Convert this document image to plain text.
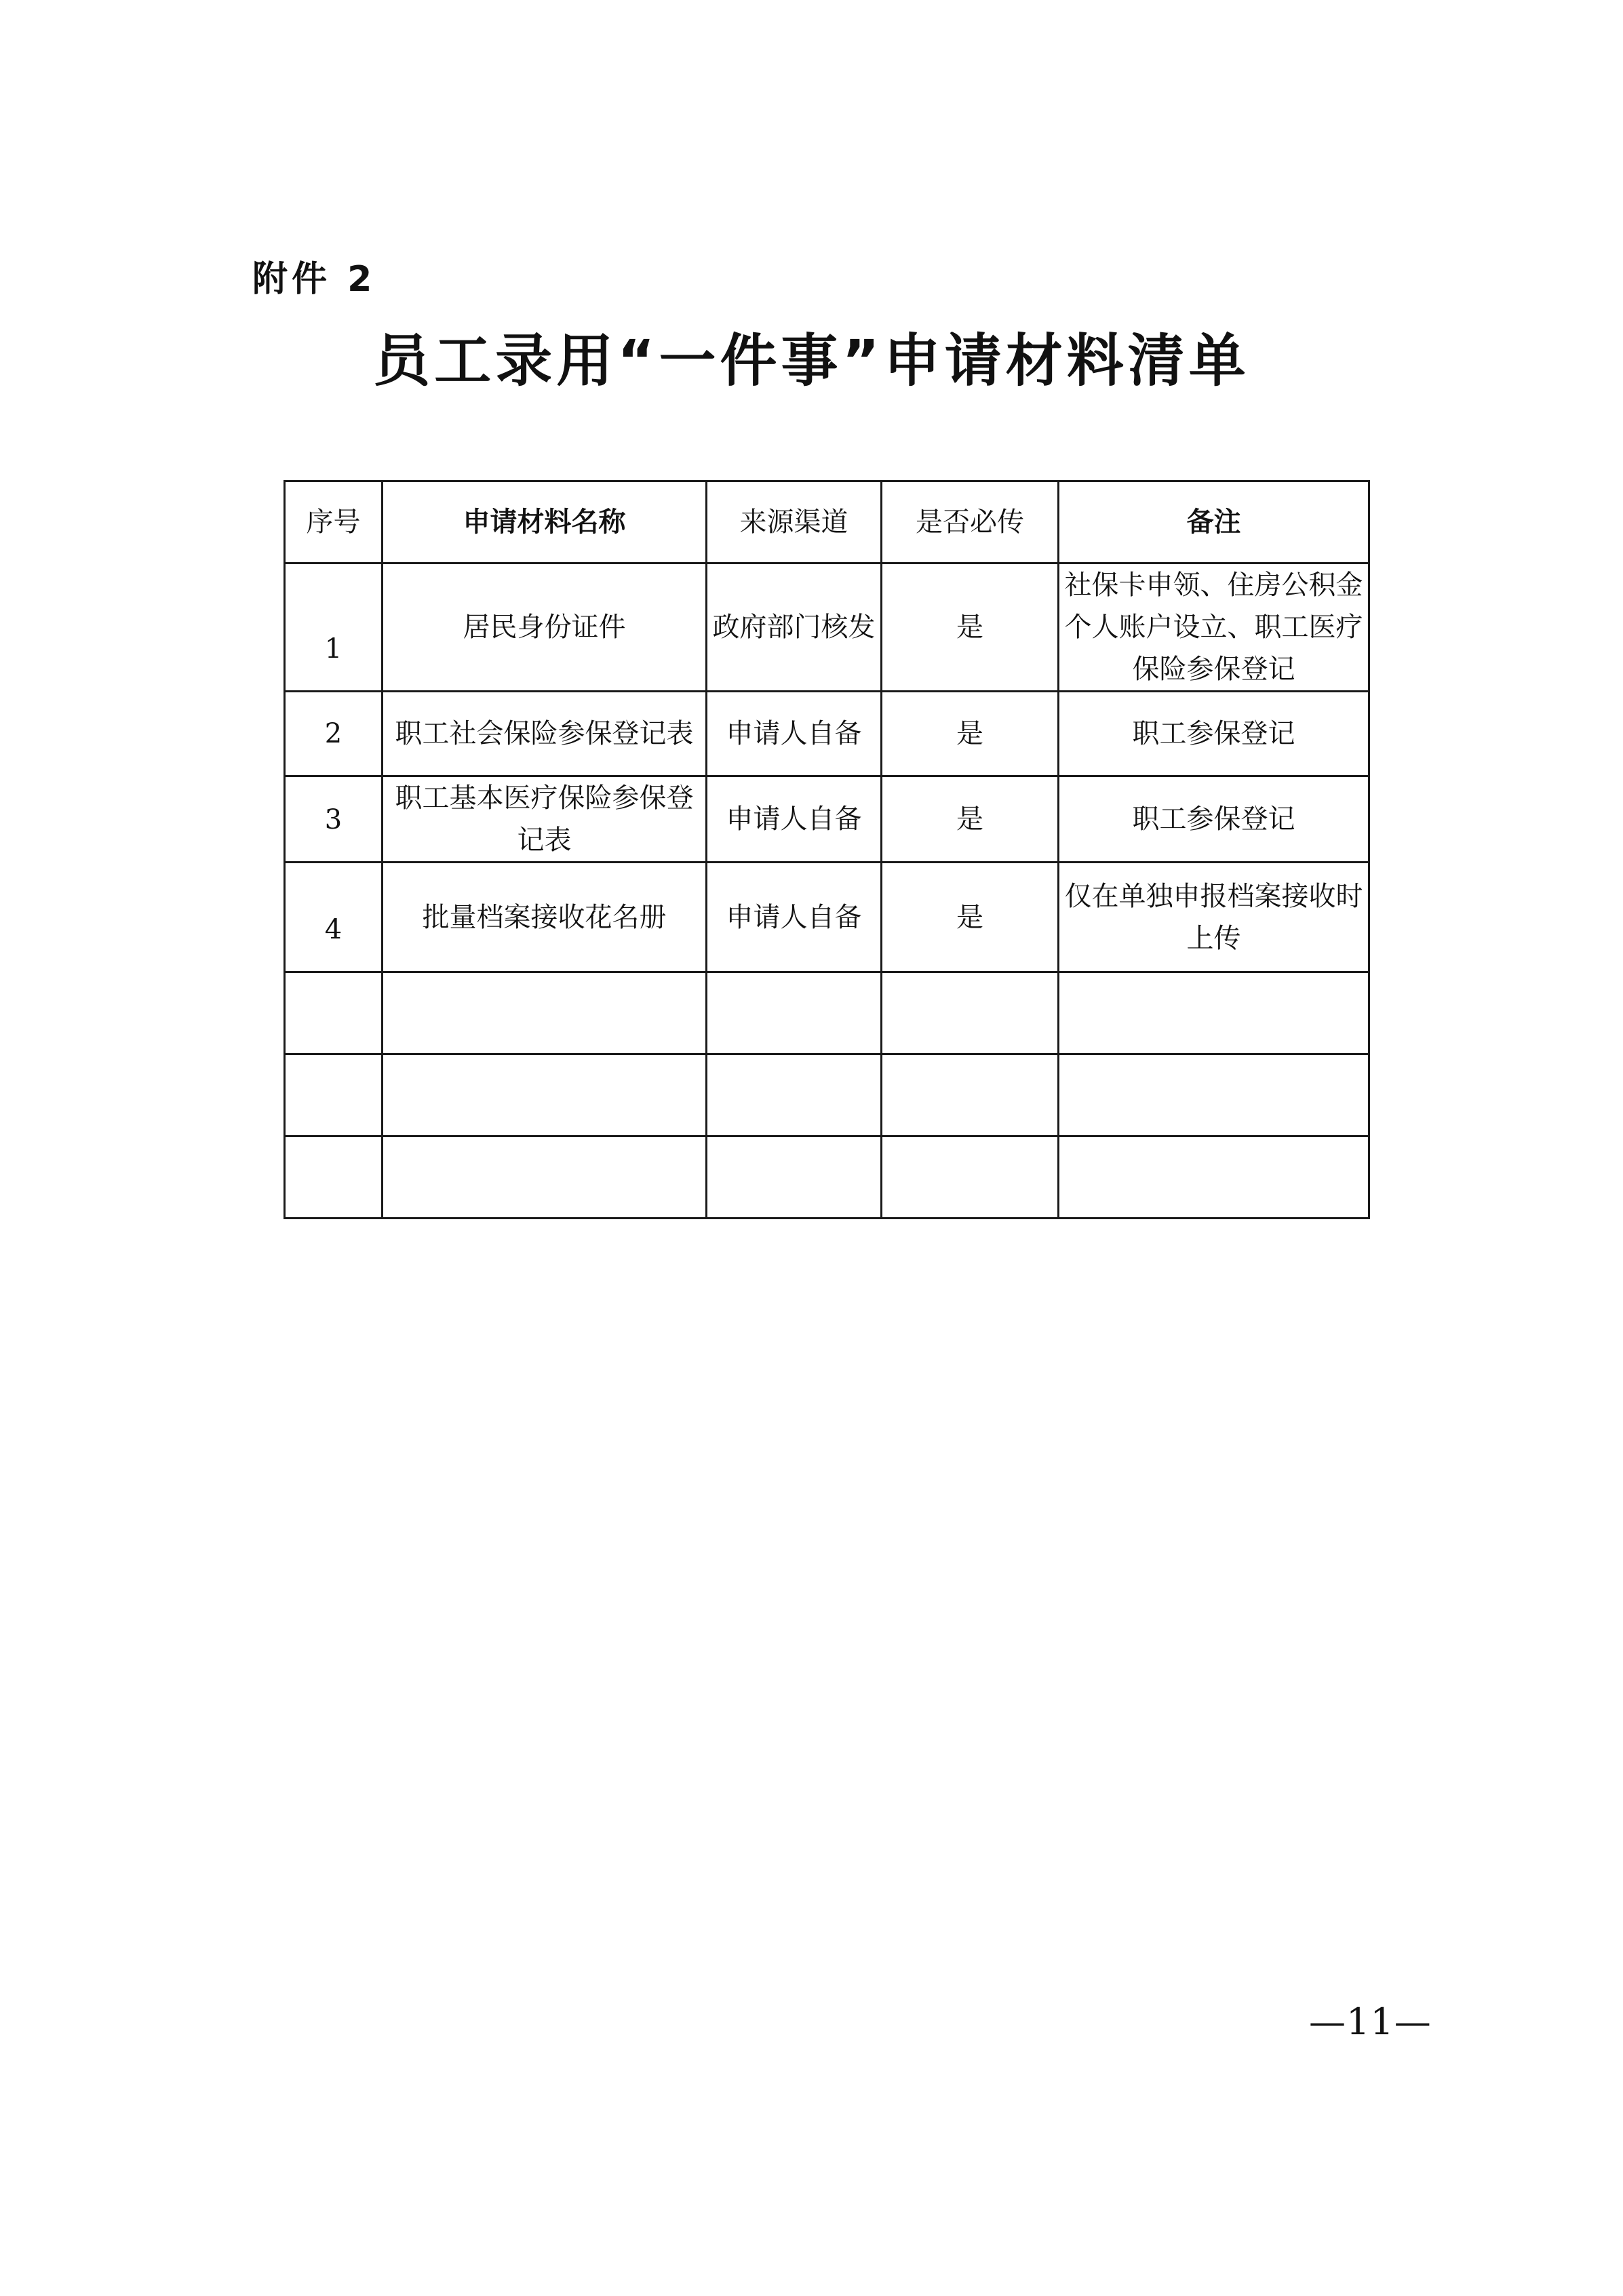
附件 2
员工录用“一件事”申请材料清单
序号	申请材料名称	来源渠道	是否必传	备注
1	居民身份证件	政府部门核发	是	社保卡申领、住房公积金个人账户设立、职工医疗保险参保登记
2	职工社会保险参保登记表	申请人自备	是	职工参保登记
3	职工基本医疗保险参保登记表	申请人自备	是	职工参保登记
4	批量档案接收花名册	申请人自备	是	仅在单独申报档案接收时上传

—11—
